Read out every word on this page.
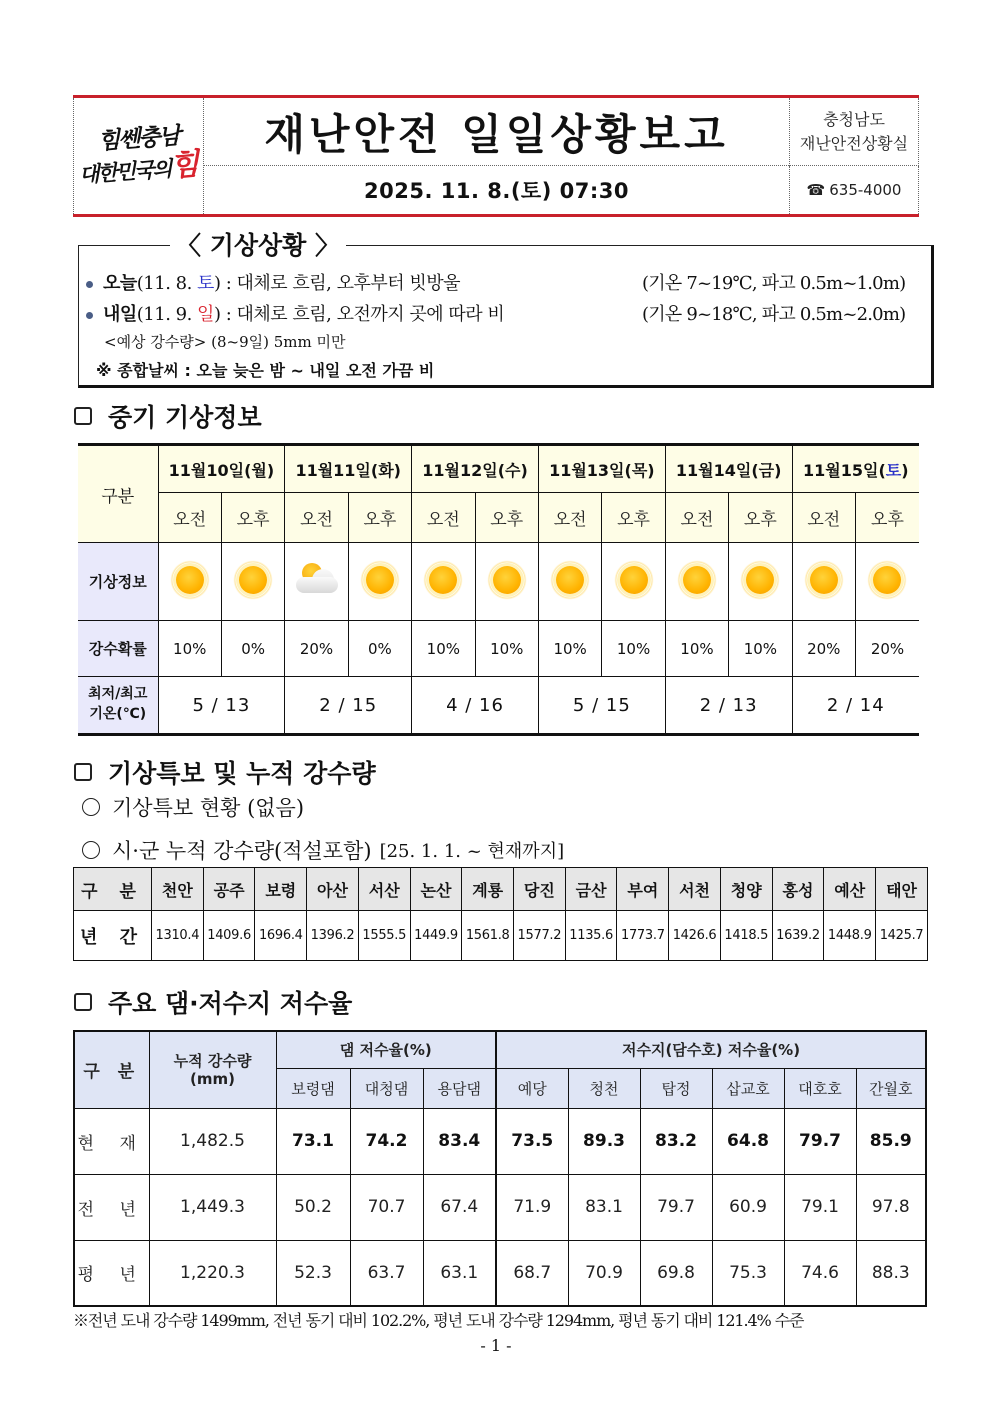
힘쎈충남
대한민국의힘
재난안전 일일상황보고	충청남도
재난안전상황실
2025. 11. 8.(토) 07:30	☎ 635-4000
〈 기상상황 〉
오늘(11. 8. 토) : 대체로 흐림, 오후부터 빗방울	(기온 7~19℃, 파고 0.5m~1.0m)
내일(11. 9. 일) : 대체로 흐림, 오전까지 곳에 따라 비	(기온 9~18℃, 파고 0.5m~2.0m)
<예상 강수량> (8~9일) 5mm 미만
※ 종합날씨 : 오늘 늦은 밤 ~ 내일 오전 가끔 비
중기 기상정보
구분	11월10일(월)		11월11일(화)		11월12일(수)		11월13일(목)		11월14일(금)		11월15일(토)	
	오전	오후	오전	오후	오전	오후	오전	오후	오전	오후	오전	오후
기상정보			

강수확률	10%	0%	20%	0%	10%	10%	10%	10%	10%	10%	20%	20%
최저/최고
기온(℃)	5 / 13		2 / 15		4 / 16		5 / 15		2 / 13		2 / 14	
기상특보 및 누적 강수량
기상특보 현황 (없음)
시·군 누적 강수량(적설포함) [25. 1. 1. ~ 현재까지]
구 분	천안	공주	보령	아산	서산	논산	계룡	당진	금산	부여	서천	청양	홍성	예산	태안
년 간	1310.4	1409.6	1696.4	1396.2	1555.5	1449.9	1561.8	1577.2	1135.6	1773.7	1426.6	1418.5	1639.2	1448.9	1425.7
주요 댐·저수지 저수율
구 분	누적 강수량
(mm)	댐 저수율(%)			저수지(담수호) 저수율(%)					
		보령댐	대청댐	용담댐	예당	청천	탑정	삽교호	대호호	간월호
현 재	1,482.5	73.1	74.2	83.4	73.5	89.3	83.2	64.8	79.7	85.9
전 년	1,449.3	50.2	70.7	67.4	71.9	83.1	79.7	60.9	79.1	97.8
평 년	1,220.3	52.3	63.7	63.1	68.7	70.9	69.8	75.3	74.6	88.3
※전년 도내 강수량 1499mm, 전년 동기 대비 102.2%, 평년 도내 강수량 1294mm, 평년 동기 대비 121.4% 수준
- 1 -
